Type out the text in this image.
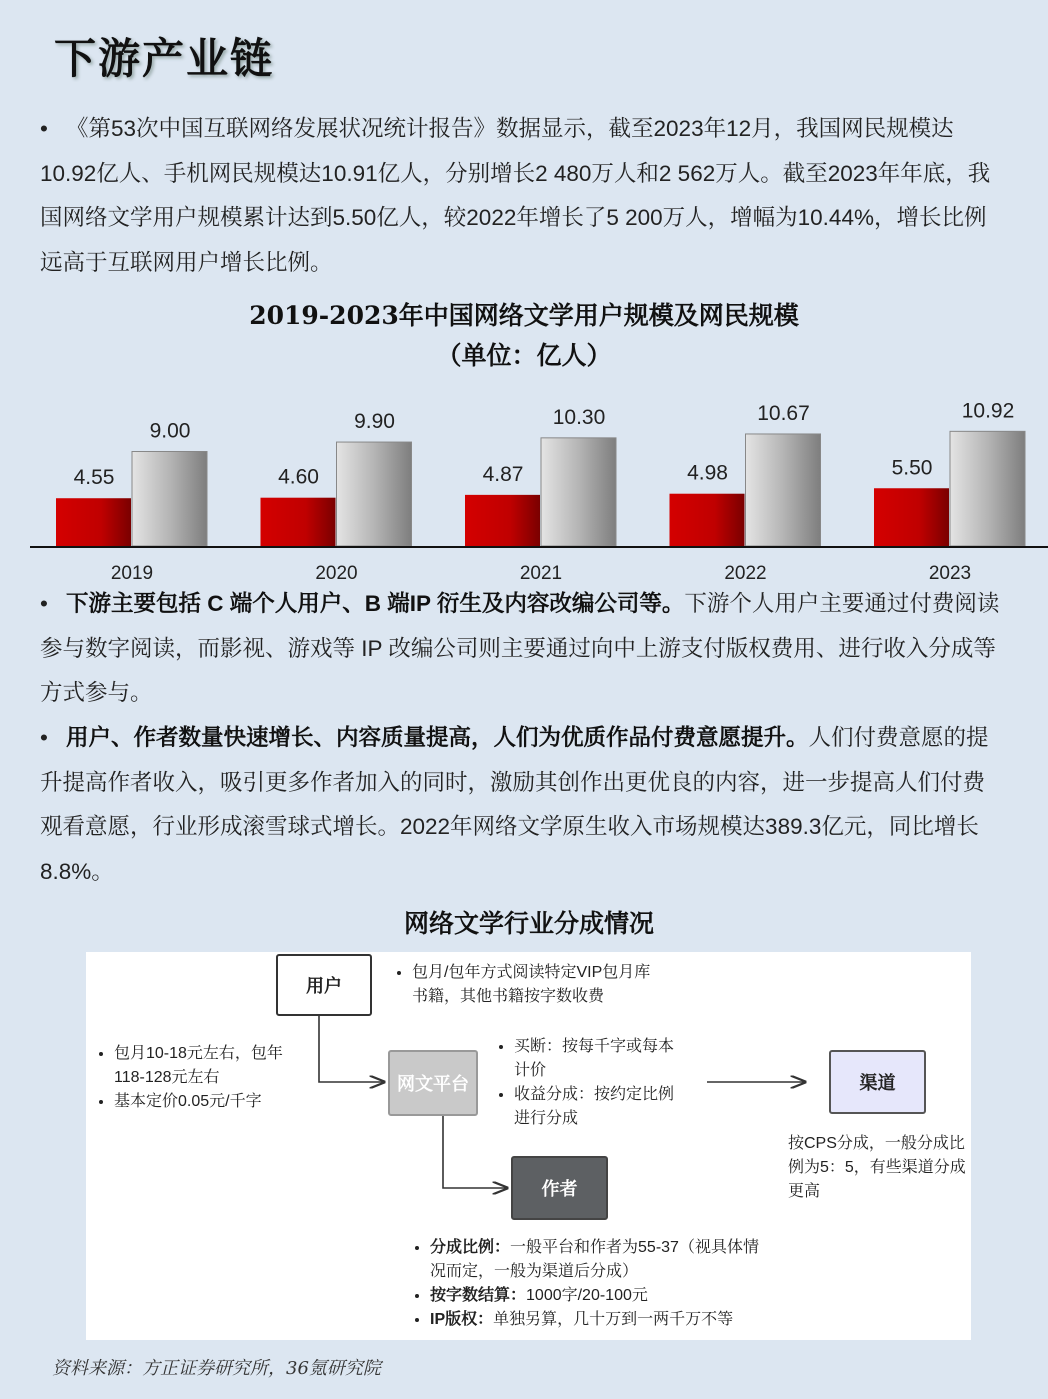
下游产业链
• 《第53次中国互联网络发展状况统计报告》数据显示，截至2023年12月，我国网民规模达10.92亿人、手机网民规模达10.91亿人，分别增长2 480万人和2 562万人。截至2023年年底，我国网络文学用户规模累计达到5.50亿人，较2022年增长了5 200万人，增幅为10.44%，增长比例远高于互联网用户增长比例。
2019-2023年中国网络文学用户规模及网民规模
（单位：亿人）
4.55
9.00
2019
4.60
9.90
2020
4.87
10.30
2021
4.98
10.67
2022
5.50
10.92
2023
• 下游主要包括 C 端个人用户、B 端IP 衍生及内容改编公司等。下游个人用户主要通过付费阅读参与数字阅读，而影视、游戏等 IP 改编公司则主要通过向中上游支付版权费用、进行收入分成等方式参与。
• 用户、作者数量快速增长、内容质量提高，人们为优质作品付费意愿提升。人们付费意愿的提升提高作者收入，吸引更多作者加入的同时，激励其创作出更优良的内容，进一步提高人们付费观看意愿，行业形成滚雪球式增长。2022年网络文学原生收入市场规模达389.3亿元，同比增长8.8%。
网络文学行业分成情况
用户
网文平台	渠道
作者
• 包月/包年方式阅读特定VIP包月库书籍，其他书籍按字数收费
• 包月10-18元左右，包年118-128元左右
• 基本定价0.05元/千字
• 买断：按每千字或每本计价
• 收益分成：按约定比例进行分成
按CPS分成，一般分成比例为5：5，有些渠道分成更高
• 分成比例：一般平台和作者为55-37（视具体情况而定，一般为渠道后分成）
• 按字数结算：1000字/20-100元
• IP版权：单独另算，几十万到一两千万不等
资料来源：方正证券研究所，36氪研究院
